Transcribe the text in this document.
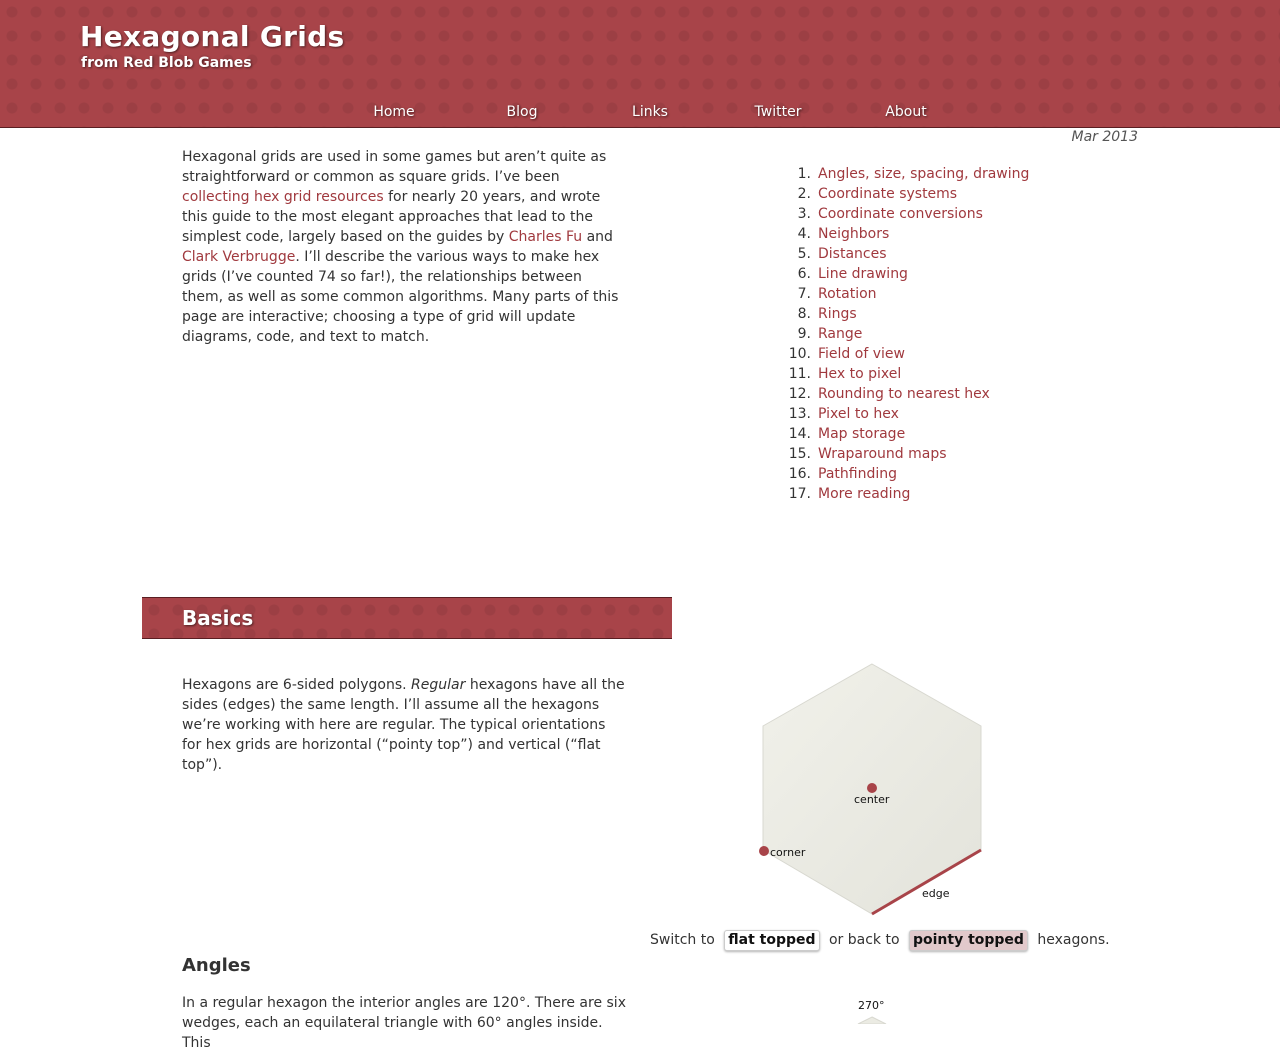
Hexagonal Grids
from Red Blob Games
Home	Blog	Links	Twitter	About
Mar 2013

Hexagonal grids are used in some games but aren’t quite as straightforward or common as square grids. I’ve been collecting hex grid resources for nearly 20 years, and wrote this guide to the most elegant approaches that lead to the simplest code, largely based on the guides by Charles Fu and Clark Verbrugge. I’ll describe the various ways to make hex grids (I’ve counted 74 so far!), the relationships between them, as well as some common algorithms. Many parts of this page are interactive; choosing a type of grid will update diagrams, code, and text to match.

1. Angles, size, spacing, drawing
2. Coordinate systems
3. Coordinate conversions
4. Neighbors
5. Distances
6. Line drawing
7. Rotation
8. Rings
9. Range
10. Field of view
11. Hex to pixel
12. Rounding to nearest hex
13. Pixel to hex
14. Map storage
15. Wraparound maps
16. Pathfinding
17. More reading
Basics

Hexagons are 6-sided polygons. Regular hexagons have all the sides (edges) the same length. I’ll assume all the hexagons we’re working with here are regular. The typical orientations for hex grids are horizontal (“pointy top”) and vertical (“flat top”).

center
corner
edge
Switch to flat topped or back to pointy topped hexagons.
Angles

In a regular hexagon the interior angles are 120°. There are six wedges, each an equilateral triangle with 60° angles inside. This

270°
